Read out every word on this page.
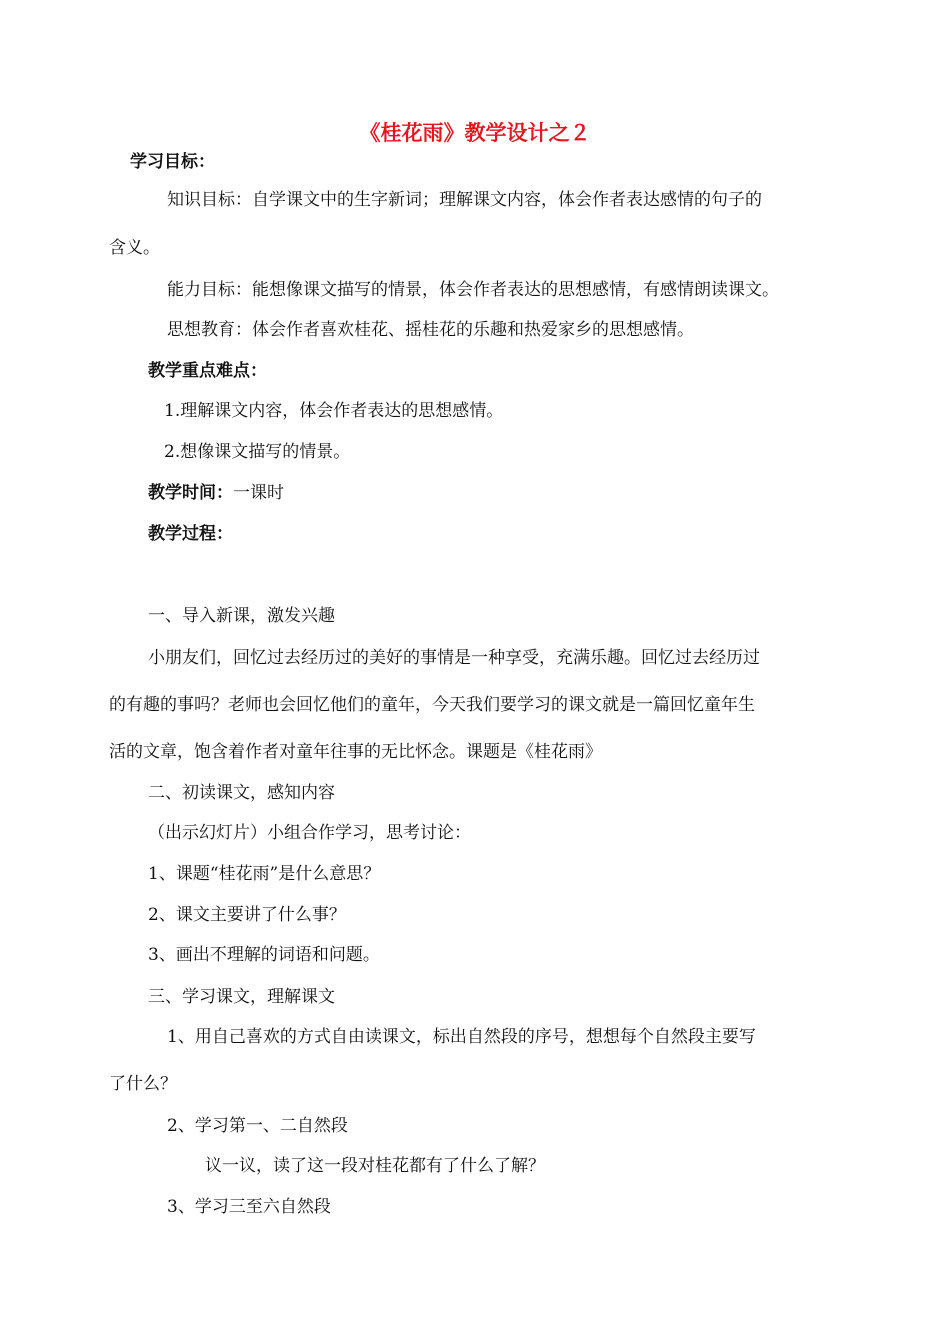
《桂花雨》教学设计之２

学习目标：

知识目标：自学课文中的生字新词；理解课文内容，体会作者表达感情的句子的

含义。

能力目标：能想像课文描写的情景，体会作者表达的思想感情，有感情朗读课文。

思想教育：体会作者喜欢桂花、摇桂花的乐趣和热爱家乡的思想感情。

教学重点难点：

1.理解课文内容，体会作者表达的思想感情。

2.想像课文描写的情景。

教学时间：一课时

教学过程：

一、导入新课，激发兴趣

小朋友们，回忆过去经历过的美好的事情是一种享受，充满乐趣。回忆过去经历过

的有趣的事吗？老师也会回忆他们的童年，今天我们要学习的课文就是一篇回忆童年生

活的文章，饱含着作者对童年往事的无比怀念。课题是《桂花雨》

二、初读课文，感知内容

（出示幻灯片）小组合作学习，思考讨论：

1、课题“桂花雨”是什么意思？

2、课文主要讲了什么事？

3、画出不理解的词语和问题。

三、学习课文，理解课文

1、用自己喜欢的方式自由读课文，标出自然段的序号，想想每个自然段主要写

了什么？

2、学习第一、二自然段

议一议，读了这一段对桂花都有了什么了解？

3、学习三至六自然段
